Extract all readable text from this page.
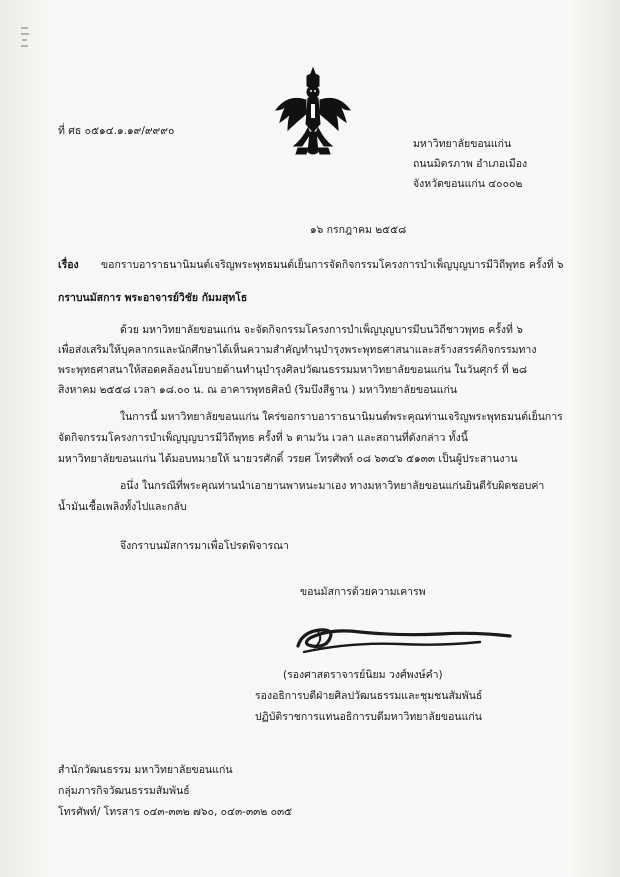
ที่ ศธ ๐๕๑๔.๑.๑๙/๙๙๙๐
มหาวิทยาลัยขอนแก่น
ถนนมิตรภาพ อำเภอเมือง
จังหวัดขอนแก่น ๔๐๐๐๒
๑๖ กรกฎาคม ๒๕๕๘
เรื่อง ขอกราบอาราธนานิมนต์เจริญพระพุทธมนต์เย็นการจัดกิจกรรมโครงการบำเพ็ญบุญบารมีวิถีพุทธ ครั้งที่ ๖
กราบนมัสการ พระอาจารย์วิชัย กัมมสุทโธ
ด้วย มหาวิทยาลัยขอนแก่น จะจัดกิจกรรมโครงการบำเพ็ญบุญบารมีบนวิถีชาวพุทธ ครั้งที่ ๖
เพื่อส่งเสริมให้บุคลากรและนักศึกษาได้เห็นความสำคัญทำนุบำรุงพระพุทธศาสนาและสร้างสรรค์กิจกรรมทาง
พระพุทธศาสนาให้สอดคล้องนโยบายด้านทำนุบำรุงศิลปวัฒนธรรมมหาวิทยาลัยขอนแก่น ในวันศุกร์ ที่ ๒๘
สิงหาคม ๒๕๕๘ เวลา ๑๘.๐๐ น. ณ อาคารพุทธศิลป์ (ริมบึงสีฐาน ) มหาวิทยาลัยขอนแก่น
ในการนี้ มหาวิทยาลัยขอนแก่น ใคร่ขอกราบอาราธนานิมนต์พระคุณท่านเจริญพระพุทธมนต์เย็นการ
จัดกิจกรรมโครงการบำเพ็ญบุญบารมีวิถีพุทธ ครั้งที่ ๖ ตามวัน เวลา และสถานที่ดังกล่าว ทั้งนี้
มหาวิทยาลัยขอนแก่น ได้มอบหมายให้ นายวรศักดิ์ วรยศ โทรศัพท์ ๐๘ ๖๓๔๖ ๕๑๓๓ เป็นผู้ประสานงาน
อนึ่ง ในกรณีที่พระคุณท่านนำเอายานพาหนะมาเอง ทางมหาวิทยาลัยขอนแก่นยินดีรับผิดชอบค่า
น้ำมันเชื้อเพลิงทั้งไปและกลับ
จึงกราบนมัสการมาเพื่อโปรดพิจารณา
ขอนมัสการด้วยความเคารพ
(รองศาสตราจารย์นิยม วงศ์พงษ์คำ)
รองอธิการบดีฝ่ายศิลปวัฒนธรรมและชุมชนสัมพันธ์
ปฏิบัติราชการแทนอธิการบดีมหาวิทยาลัยขอนแก่น
สำนักวัฒนธรรม มหาวิทยาลัยขอนแก่น
กลุ่มภารกิจวัฒนธรรมสัมพันธ์
โทรศัพท์/ โทรสาร ๐๔๓-๓๓๒ ๗๖๐, ๐๔๓-๓๓๒ ๐๓๕
